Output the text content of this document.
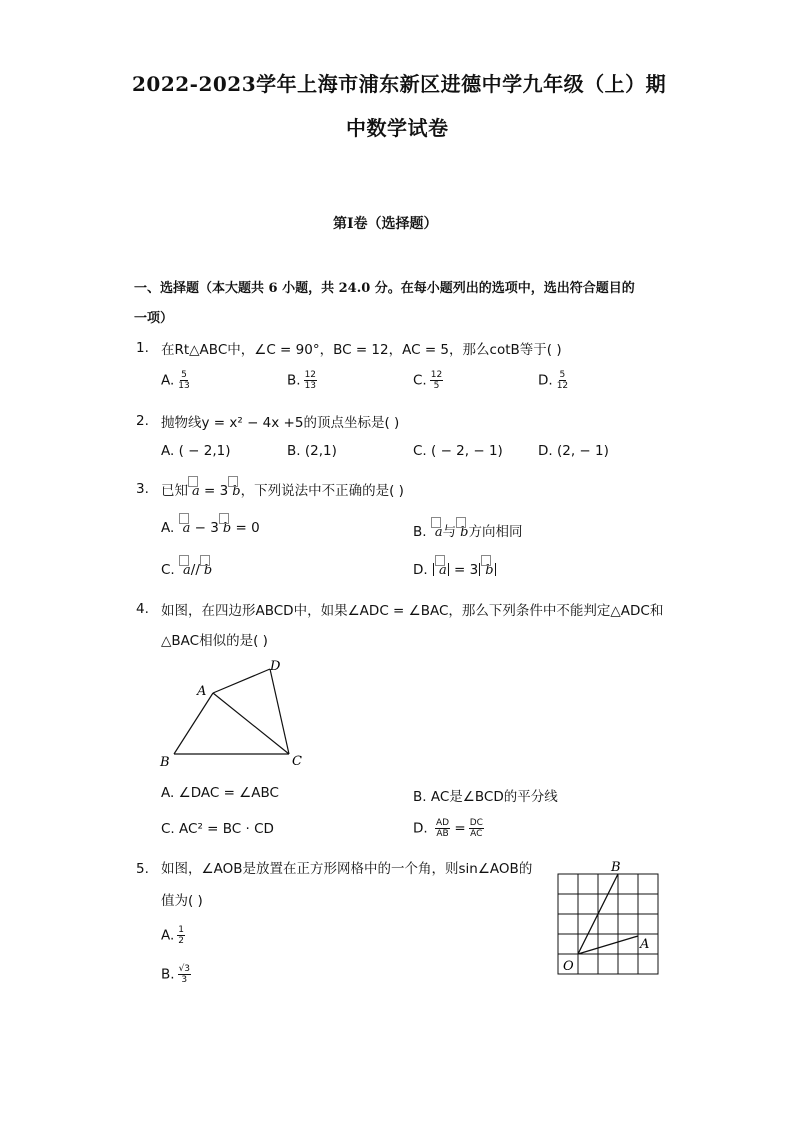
2022-2023学年上海市浦东新区进德中学九年级（上）期
中数学试卷
第Ⅰ卷（选择题）
一、选择题（本大题共 6 小题，共 24.0 分。在每小题列出的选项中，选出符合题目的
一项）
1. 在Rt△ABC中，∠C = 90°，BC = 12，AC = 5，那么cotB等于( )
A. $\frac{5}{13}$	B. $\frac{12}{13}$	C. $\frac{12}{5}$	D. $\frac{5}{12}$
2. 抛物线y = x² − 4x +5的顶点坐标是( )
A. ( − 2,1)	B. (2,1)	C. ( − 2, − 1)	D. (2, − 1)
3. 已知 a = 3 b，下列说法中不正确的是( )
A. a − 3 b = 0	B. a与 b方向相同
C. a// b	D. a = 3 b
4. 如图，在四边形ABCD中，如果∠ADC = ∠BAC，那么下列条件中不能判定△ADC和
△BAC相似的是( )
A
B	C
D
A. ∠DAC = ∠ABC	B. AC是∠BCD的平分线
C. AC² = BC · CD	D. $\frac{AD}{AB} = \frac{DC}{AC}$
5. 如图，∠AOB是放置在正方形网格中的一个角，则sin∠AOB的
值为( )
A. $\frac{1}{2}$
B. $\frac{√3}{3}$	O
A
B
